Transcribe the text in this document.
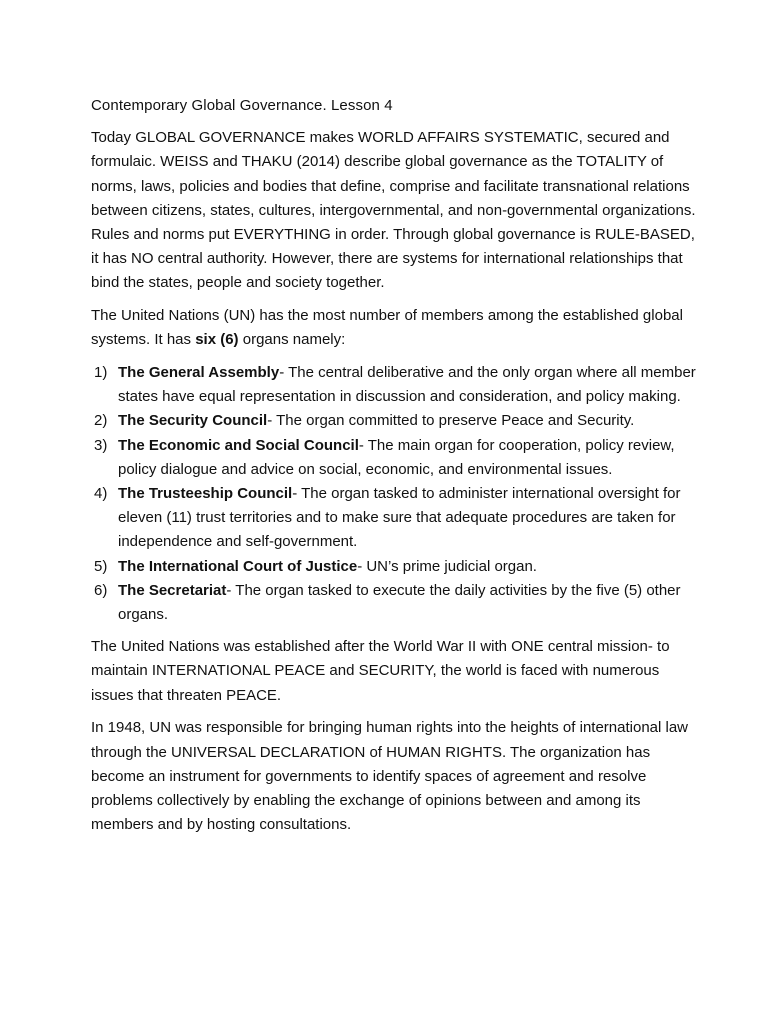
Contemporary Global Governance. Lesson 4

Today GLOBAL GOVERNANCE makes WORLD AFFAIRS SYSTEMATIC, secured and formulaic. WEISS and THAKU (2014) describe global governance as the TOTALITY of norms, laws, policies and bodies that define, comprise and facilitate transnational relations between citizens, states, cultures, intergovernmental, and non-governmental organizations. Rules and norms put EVERYTHING in order. Through global governance is RULE-BASED, it has NO central authority. However, there are systems for international relationships that bind the states, people and society together.

The United Nations (UN) has the most number of members among the established global systems. It has six (6) organs namely:

1) The General Assembly- The central deliberative and the only organ where all member states have equal representation in discussion and consideration, and policy making.
2) The Security Council- The organ committed to preserve Peace and Security.
3) The Economic and Social Council- The main organ for cooperation, policy review, policy dialogue and advice on social, economic, and environmental issues.
4) The Trusteeship Council- The organ tasked to administer international oversight for eleven (11) trust territories and to make sure that adequate procedures are taken for independence and self-government.
5) The International Court of Justice- UN’s prime judicial organ.
6) The Secretariat- The organ tasked to execute the daily activities by the five (5) other organs.

The United Nations was established after the World War II with ONE central mission- to maintain INTERNATIONAL PEACE and SECURITY, the world is faced with numerous issues that threaten PEACE.

In 1948, UN was responsible for bringing human rights into the heights of international law through the UNIVERSAL DECLARATION of HUMAN RIGHTS. The organization has become an instrument for governments to identify spaces of agreement and resolve problems collectively by enabling the exchange of opinions between and among its members and by hosting consultations.
